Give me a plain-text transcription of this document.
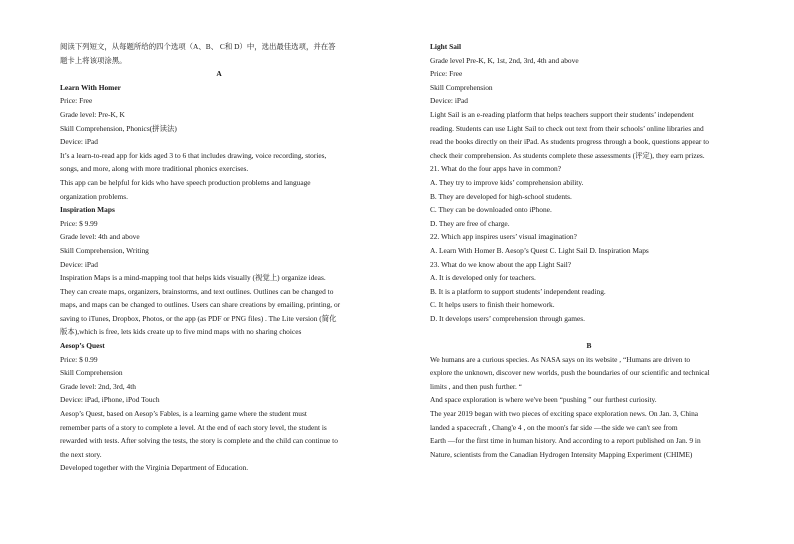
阅读下列短文，从每题所给的四个选项（A、B、 C和 D）中，选出最佳选项，并在答

题卡上将该项涂黑。

A

Learn With Homer

Price: Free

Grade level: Pre-K, K

Skill Comprehension, Phonics(拼读法)

Device: iPad

It’s a learn-to-read app for kids aged 3 to 6 that includes drawing, voice recording, stories,

songs, and more, along with more traditional phonics exercises.

This app can be helpful for kids who have speech production problems and language

organization problems.

Inspiration Maps

Price: $ 9.99

Grade level: 4th and above

Skill Comprehension, Writing

Device: iPad

Inspiration Maps is a mind-mapping tool that helps kids visually (视觉上) organize ideas.

They can create maps, organizers, brainstorms, and text outlines. Outlines can be changed to

maps, and maps can be changed to outlines. Users can share creations by emailing, printing, or

saving to iTunes, Dropbox, Photos, or the app (as PDF or PNG files) . The Lite version (简化

版本),which is free, lets kids create up to five mind maps with no sharing choices

Aesop’s Quest

Price: $ 0.99

Skill Comprehension

Grade level: 2nd, 3rd, 4th

Device: iPad, iPhone, iPod Touch

Aesop’s Quest, based on Aesop’s Fables, is a learning game where the student must

remember parts of a story to complete a level. At the end of each story level, the student is

rewarded with tests. After solving the tests, the story is complete and the child can continue to

the next story.

Developed together with the Virginia Department of Education.

Light Sail

Grade level Pre-K, K, 1st, 2nd, 3rd, 4th and above

Price: Free

Skill Comprehension

Device: iPad

Light Sail is an e-reading platform that helps teachers support their students’ independent

reading. Students can use Light Sail to check out text from their schools’ online libraries and

read the books directly on their iPad. As students progress through a book, questions appear to

check their comprehension. As students complete these assessments (评定), they earn prizes.

21. What do the four apps have in common?

A. They try to improve kids’ comprehension ability.

B. They are developed for high-school students.

C. They can be downloaded onto iPhone.

D. They are free of charge.

22. Which app inspires users’ visual imagination?

A. Learn With Homer B. Aesop’s Quest C. Light Sail D. Inspiration Maps

23. What do we know about the app Light Sail?

A. It is developed only for teachers.

B. It is a platform to support students’ independent reading.

C. It helps users to finish their homework.

D. It develops users’ comprehension through games.

B

We humans are a curious species. As NASA says on its website , “Humans are driven to

explore the unknown, discover new worlds, push the boundaries of our scientific and technical

limits , and then push further. “

And space exploration is where we've been “pushing ” our furthest curiosity.

The year 2019 began with two pieces of exciting space exploration news. On Jan. 3, China

landed a spacecraft , Chang'e 4 , on the moon's far side —the side we can't see from

Earth —for the first time in human history. And according to a report published on Jan. 9 in

Nature, scientists from the Canadian Hydrogen Intensity Mapping Experiment (CHIME)
